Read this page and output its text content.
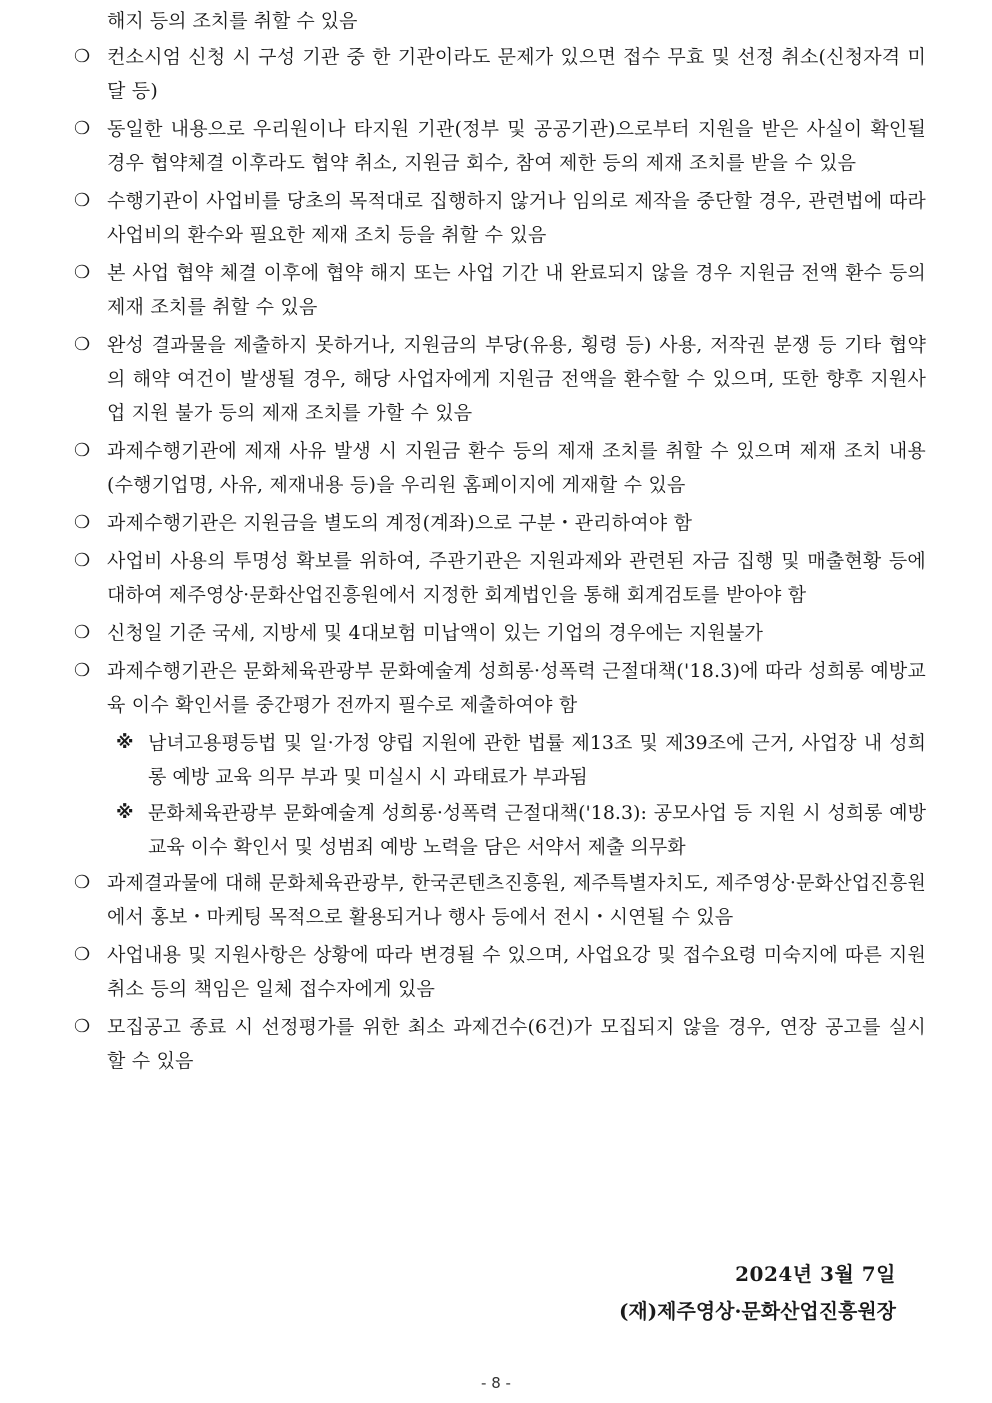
해지 등의 조치를 취할 수 있음
❍ 컨소시엄 신청 시 구성 기관 중 한 기관이라도 문제가 있으면 접수 무효 및 선정 취소(신청자격 미달 등)
❍ 동일한 내용으로 우리원이나 타지원 기관(정부 및 공공기관)으로부터 지원을 받은 사실이 확인될 경우 협약체결 이후라도 협약 취소, 지원금 회수, 참여 제한 등의 제재 조치를 받을 수 있음
❍ 수행기관이 사업비를 당초의 목적대로 집행하지 않거나 임의로 제작을 중단할 경우, 관련법에 따라 사업비의 환수와 필요한 제재 조치 등을 취할 수 있음
❍ 본 사업 협약 체결 이후에 협약 해지 또는 사업 기간 내 완료되지 않을 경우 지원금 전액 환수 등의 제재 조치를 취할 수 있음
❍ 완성 결과물을 제출하지 못하거나, 지원금의 부당(유용, 횡령 등) 사용, 저작권 분쟁 등 기타 협약의 해약 여건이 발생될 경우, 해당 사업자에게 지원금 전액을 환수할 수 있으며, 또한 향후 지원사업 지원 불가 등의 제재 조치를 가할 수 있음
❍ 과제수행기관에 제재 사유 발생 시 지원금 환수 등의 제재 조치를 취할 수 있으며 제재 조치 내용(수행기업명, 사유, 제재내용 등)을 우리원 홈페이지에 게재할 수 있음
❍ 과제수행기관은 지원금을 별도의 계정(계좌)으로 구분・관리하여야 함
❍ 사업비 사용의 투명성 확보를 위하여, 주관기관은 지원과제와 관련된 자금 집행 및 매출현황 등에 대하여 제주영상·문화산업진흥원에서 지정한 회계법인을 통해 회계검토를 받아야 함
❍ 신청일 기준 국세, 지방세 및 4대보험 미납액이 있는 기업의 경우에는 지원불가
❍ 과제수행기관은 문화체육관광부 문화예술계 성희롱·성폭력 근절대책('18.3)에 따라 성희롱 예방교육 이수 확인서를 중간평가 전까지 필수로 제출하여야 함
※ 남녀고용평등법 및 일·가정 양립 지원에 관한 법률 제13조 및 제39조에 근거, 사업장 내 성희롱 예방 교육 의무 부과 및 미실시 시 과태료가 부과됨
※ 문화체육관광부 문화예술계 성희롱·성폭력 근절대책('18.3): 공모사업 등 지원 시 성희롱 예방교육 이수 확인서 및 성범죄 예방 노력을 담은 서약서 제출 의무화
❍ 과제결과물에 대해 문화체육관광부, 한국콘텐츠진흥원, 제주특별자치도, 제주영상·문화산업진흥원에서 홍보・마케팅 목적으로 활용되거나 행사 등에서 전시・시연될 수 있음
❍ 사업내용 및 지원사항은 상황에 따라 변경될 수 있으며, 사업요강 및 접수요령 미숙지에 따른 지원취소 등의 책임은 일체 접수자에게 있음
❍ 모집공고 종료 시 선정평가를 위한 최소 과제건수(6건)가 모집되지 않을 경우, 연장 공고를 실시 할 수 있음
2024년 3월 7일
(재)제주영상·문화산업진흥원장
- 8 -
